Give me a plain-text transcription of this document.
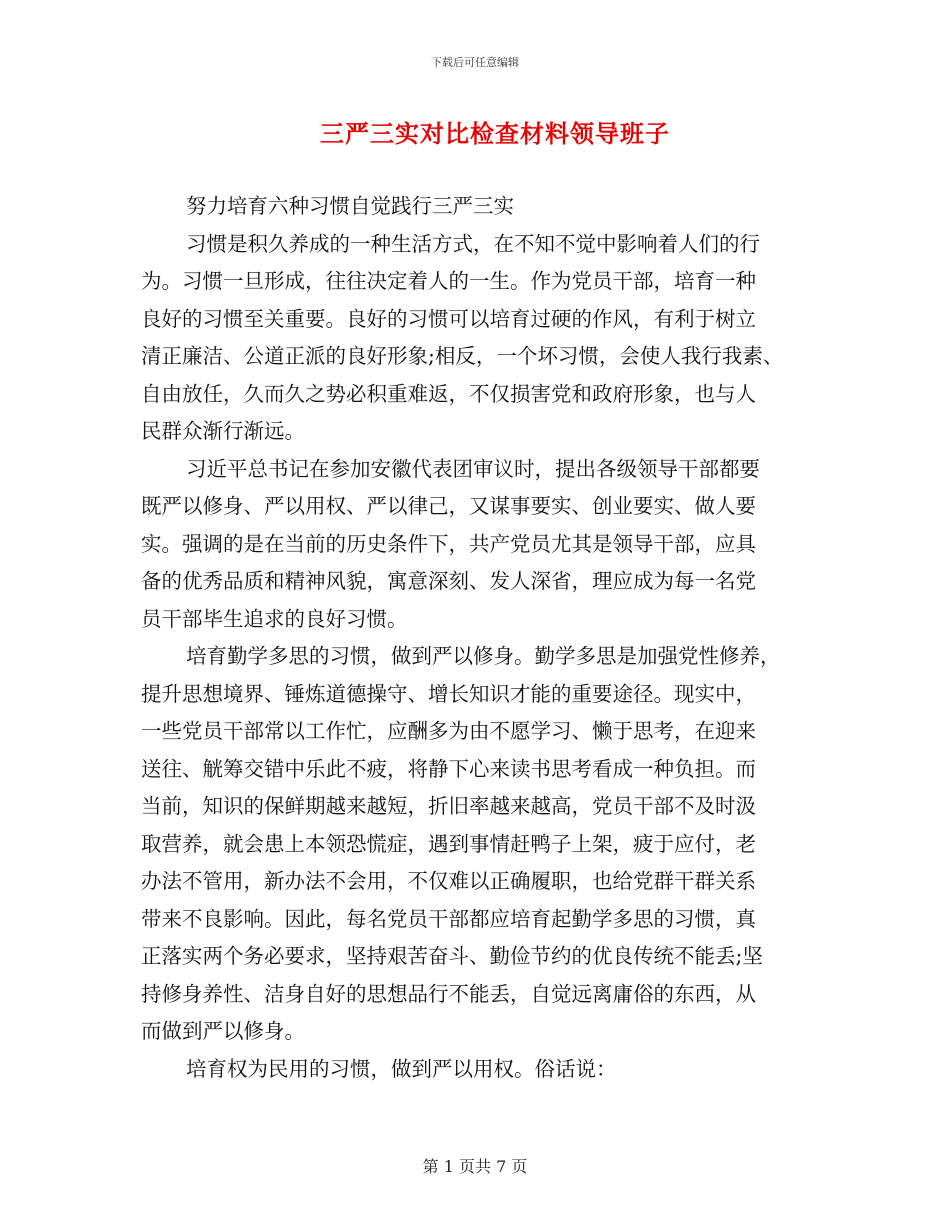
下载后可任意编辑
三严三实对比检查材料领导班子
努力培育六种习惯自觉践行三严三实
习惯是积久养成的一种生活方式，在不知不觉中影响着人们的行
为。习惯一旦形成，往往决定着人的一生。作为党员干部，培育一种
良好的习惯至关重要。良好的习惯可以培育过硬的作风，有利于树立
清正廉洁、公道正派的良好形象;相反，一个坏习惯，会使人我行我素、
自由放任，久而久之势必积重难返，不仅损害党和政府形象，也与人
民群众渐行渐远。
习近平总书记在参加安徽代表团审议时，提出各级领导干部都要
既严以修身、严以用权、严以律己，又谋事要实、创业要实、做人要
实。强调的是在当前的历史条件下，共产党员尤其是领导干部，应具
备的优秀品质和精神风貌，寓意深刻、发人深省，理应成为每一名党
员干部毕生追求的良好习惯。
培育勤学多思的习惯，做到严以修身。勤学多思是加强党性修养，
提升思想境界、锤炼道德操守、增长知识才能的重要途径。现实中，
一些党员干部常以工作忙，应酬多为由不愿学习、懒于思考，在迎来
送往、觥筹交错中乐此不疲，将静下心来读书思考看成一种负担。而
当前，知识的保鲜期越来越短，折旧率越来越高，党员干部不及时汲
取营养，就会患上本领恐慌症，遇到事情赶鸭子上架，疲于应付，老
办法不管用，新办法不会用，不仅难以正确履职，也给党群干群关系
带来不良影响。因此，每名党员干部都应培育起勤学多思的习惯，真
正落实两个务必要求，坚持艰苦奋斗、勤俭节约的优良传统不能丢;坚
持修身养性、洁身自好的思想品行不能丢，自觉远离庸俗的东西，从
而做到严以修身。
培育权为民用的习惯，做到严以用权。俗话说：
第 1 页共 7 页
